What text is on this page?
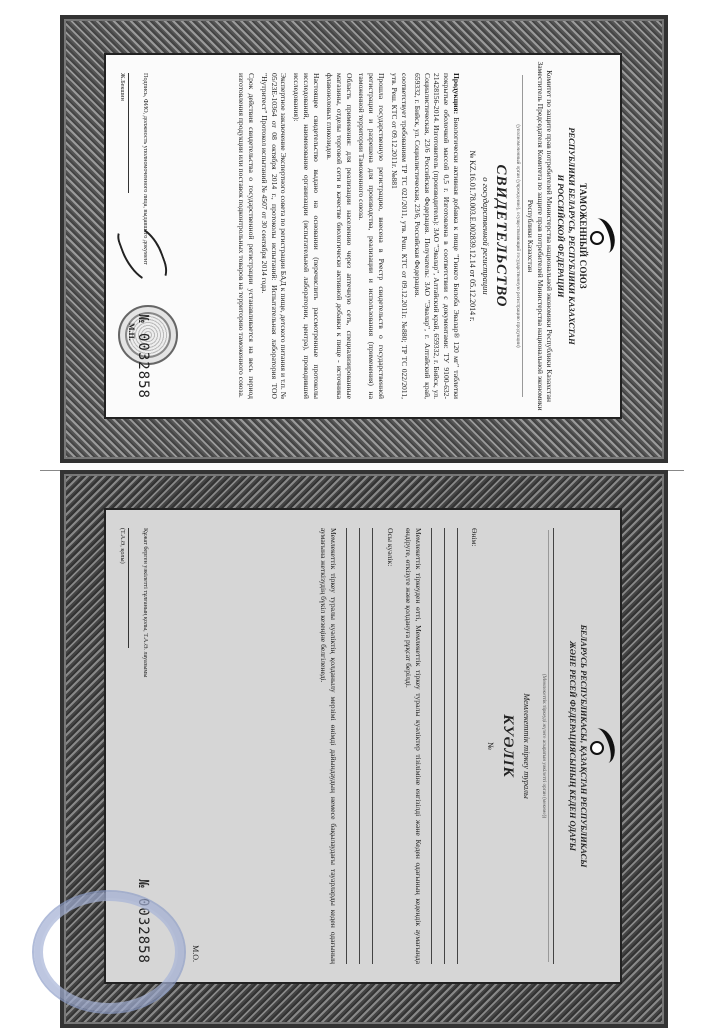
ТАМОЖЕННЫЙ СОЮЗ
РЕСПУБЛИКИ БЕЛАРУСЬ, РЕСПУБЛИКИ КАЗАХСТАН
И РОССИЙСКОЙ ФЕДЕРАЦИИ
Комитет по защите прав потребителей Министерства национальной экономики Республики Казахстан
Заместитель Председателя Комитета по защите прав потребителей Министерства национальной экономики Республики Казахстан
(уполномоченный орган (учреждение), осуществляющий государственную регистрацию продукции)
СВИДЕТЕЛЬСТВО
о государственной регистрации
№ KZ.16.01.78.003.E.002839.12.14 от 05.12.2014 г.
Продукция: Биологически активная добавка к пище "Гинкго Билоба Эвалар® 120 мг" таблетки покрытые оболочкой массой 0,5 г. Изготовлена в соответствии с документами: ТУ 9100-632-21428156-2014. Изготовитель (производитель): ЗАО "Эвалар", Алтайский край, 659332, г. Бийск, ул. Социалистическая, 23/6 Российская Федерация. Получатель: ЗАО "Эвалар", г. Алтайский край, 659332, г. Бийск, ул. Социалистическая, 23/6, Российская Федерация.
соответствует требованиям ТР ТС 021/2011, утв. Реш. КТС от 09.12.2011г. №880; ТР ТС 022/2011, утв. Реш. КТС от 09.12.2011г. №881
Прошла государственную регистрацию, внесена в Реестр свидетельств о государственной регистрации и разрешена для производства, реализации и использования (применения) на таможенной территории Таможенного союза.
Область применения: для реализации населению через аптечную сеть, специализированные магазины, отделы торговой сети в качестве биологически активной добавки к пище - источника флавоноловых гликозидов.
Настоящее свидетельство выдано на основании (перечислить рассмотренные протоколы исследований, наименование организации (испытательной лаборатории, центра), проводившей исследования):
Экспертное заключение Экспертного совета по регистрации БАД к пище, детского питания и т.п. № 05/23Е-10364 от 08 октября 2014 г., протоколы испытаний: Испытательная лаборатория ТОО "Нутритест" Протокол испытаний № 4507 от 30 сентября 2014 года.
Срок действия свидетельства о государственной регистрации устанавливается на весь период изготовления продукции или поставок подконтрольных товаров на территорию таможенного союза.
Подпись, ФИО, должность уполномоченного лица, выдавшего документ
Ж.Бекшин
М.П.
№ 0032858
БЕЛАРУСЬ РЕСПУБЛИКАСЫ, ҚАЗАҚСТАН РЕСПУБЛИКАСЫ
ЖӘНЕ РЕСЕЙ ФЕДЕРАЦИЯСЫНЫҢ КЕДЕН ОДАҒЫ
(Мемлекеттік тіркеуді жүзеге асыратын уәкілетті орган (мекеме))
Мемлекеттік тіркеу туралы
КУӘЛІК
№
Өнім:
Мемлекеттік тіркеуден өтті, Мемлекеттік тіркеу туралы куәліктер тізіліміне енгізілді және Кеден одағының кедендік аумағында өндіруге, өткізуге және қолдануға рұқсат берілді.
Осы куәлік:
Мемлекеттік тіркеу туралы куәліктің қолданылу мерзімі өнімді дайындаудың немесе бақылаудағы тауарларды кеден одағының аумағына жеткізудің бүкіл кезеңіне белгіленеді.
М.О.
Құжат берген уәкілетті тұлғаның қолы, Т.А.Ә. лауазымы
(Т.А.Ә, қолы)
№ 0032858
